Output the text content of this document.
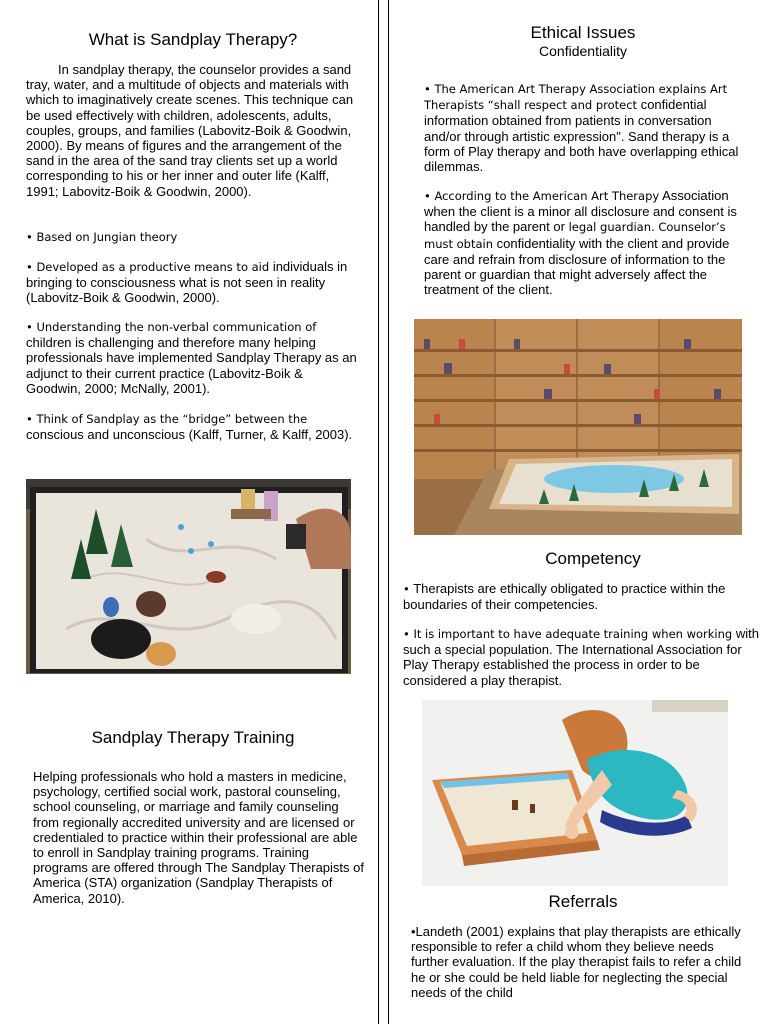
What is Sandplay Therapy?

In sandplay therapy, the counselor provides a sand tray, water, and a multitude of objects and materials with which to imaginatively create scenes. This technique can be used effectively with children, adolescents, adults, couples, groups, and families (Labovitz-Boik & Goodwin, 2000). By means of figures and the arrangement of the sand in the area of the sand tray clients set up a world corresponding to his or her inner and outer life (Kalff, 1991; Labovitz-Boik & Goodwin, 2000).

• Based on Jungian theory

• Developed as a productive means to aid individuals in bringing to consciousness what is not seen in reality (Labovitz-Boik & Goodwin, 2000).

• Understanding the non-verbal communication of children is challenging and therefore many helping professionals have implemented Sandplay Therapy as an adjunct to their current practice (Labovitz-Boik & Goodwin, 2000; McNally, 2001).

• Think of Sandplay as the “bridge” between the conscious and unconscious (Kalff, Turner, & Kalff, 2003).

Sandplay Therapy Training

Helping professionals who hold a masters in medicine, psychology, certified social work, pastoral counseling, school counseling, or marriage and family counseling from regionally accredited university and are licensed or credentialed to practice within their professional are able to enroll in Sandplay training programs. Training programs are offered through The Sandplay Therapists of America (STA) organization (Sandplay Therapists of America, 2010).

Ethical Issues
Confidentiality

• The American Art Therapy Association explains Art Therapists “shall respect and protect confidential information obtained from patients in conversation and/or through artistic expression". Sand therapy is a form of Play therapy and both have overlapping ethical dilemmas.

• According to the American Art Therapy Association when the client is a minor all disclosure and consent is handled by the parent or legal guardian. Counselor’s must obtain confidentiality with the client and provide care and refrain from disclosure of information to the parent or guardian that might adversely affect the treatment of the client.

Competency

• Therapists are ethically obligated to practice within the boundaries of their competencies.

• It is important to have adequate training when working with such a special population. The International Association for Play Therapy established the process in order to be considered a play therapist.

Referrals

•Landeth (2001) explains that play therapists are ethically responsible to refer a child whom they believe needs further evaluation. If the play therapist fails to refer a child he or she could be held liable for neglecting the special needs of the child
